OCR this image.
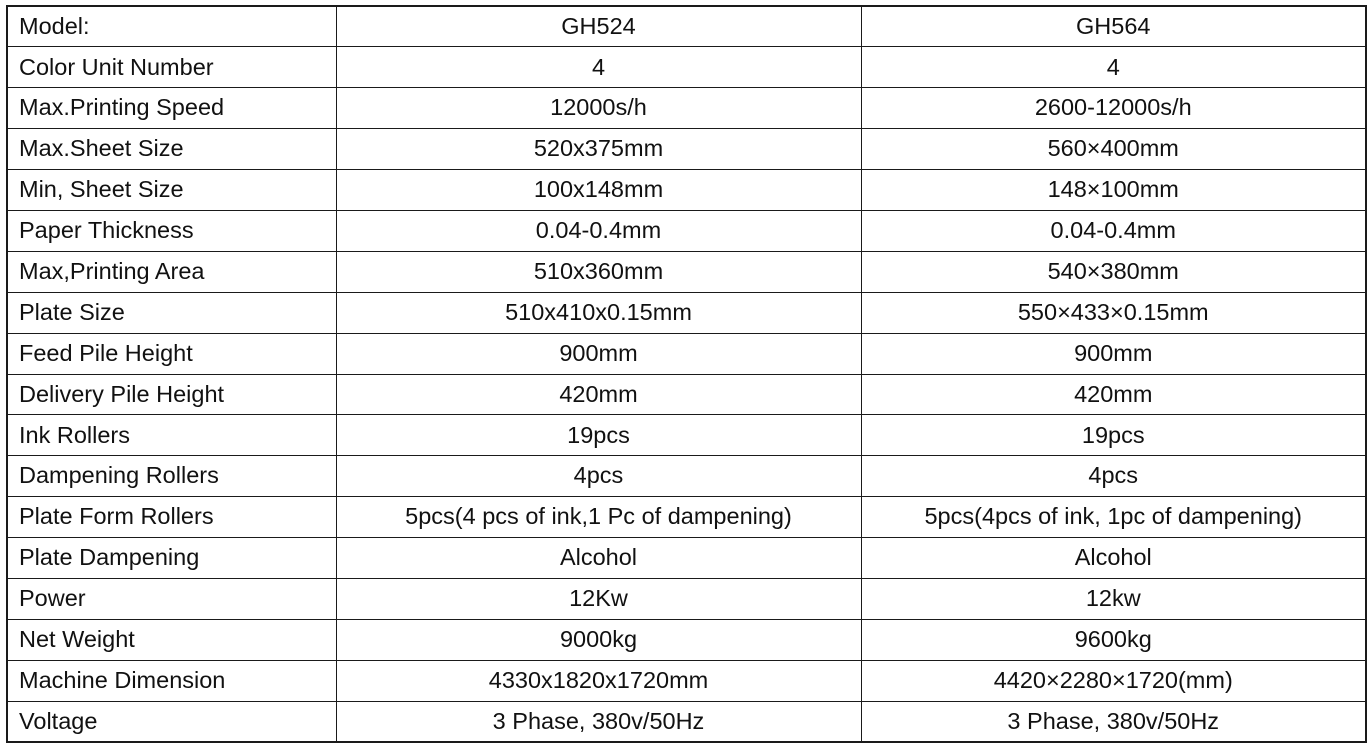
Model:	GH524	GH564
Color Unit Number	4	4
Max.Printing Speed	12000s/h	2600-12000s/h
Max.Sheet Size	520x375mm	560×400mm
Min, Sheet Size	100x148mm	148×100mm
Paper Thickness	0.04-0.4mm	0.04-0.4mm
Max,Printing Area	510x360mm	540×380mm
Plate Size	510x410x0.15mm	550×433×0.15mm
Feed Pile Height	900mm	900mm
Delivery Pile Height	420mm	420mm
Ink Rollers	19pcs	19pcs
Dampening Rollers	4pcs	4pcs
Plate Form Rollers	5pcs(4 pcs of ink,1 Pc of dampening)	5pcs(4pcs of ink, 1pc of dampening)
Plate Dampening	Alcohol	Alcohol
Power	12Kw	12kw
Net Weight	9000kg	9600kg
Machine Dimension	4330x1820x1720mm	4420×2280×1720(mm)
Voltage	3 Phase, 380v/50Hz	3 Phase, 380v/50Hz
